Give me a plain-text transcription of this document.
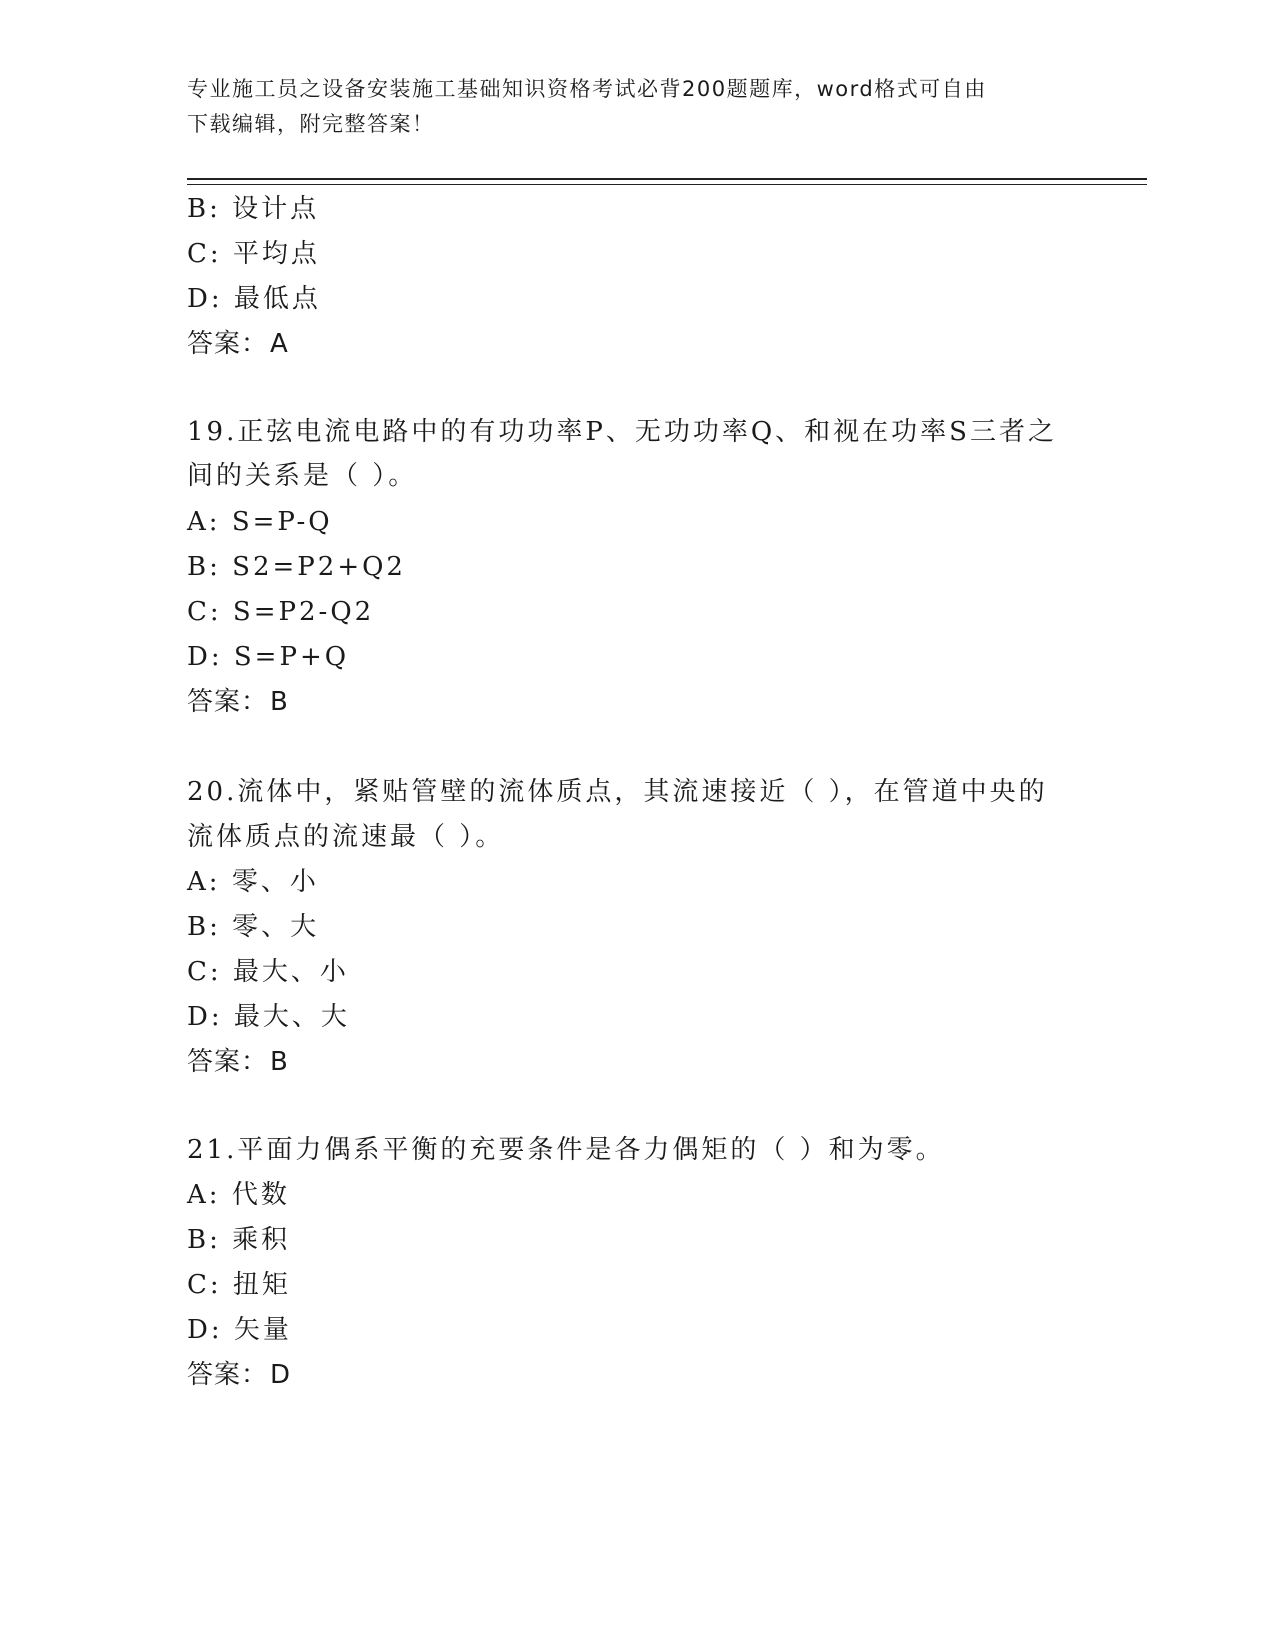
专业施工员之设备安装施工基础知识资格考试必背200题题库，word格式可自由
下载编辑，附完整答案！
B: 设计点
C: 平均点
D: 最低点
答案：A
19.正弦电流电路中的有功功率P、无功功率Q、和视在功率S三者之
间的关系是（ ）。
A: S=P-Q
B: S2=P2+Q2
C: S=P2-Q2
D: S=P+Q
答案：B
20.流体中，紧贴管壁的流体质点，其流速接近（ ），在管道中央的
流体质点的流速最（ ）。
A: 零、小
B: 零、大
C: 最大、小
D: 最大、大
答案：B
21.平面力偶系平衡的充要条件是各力偶矩的（ ）和为零。
A: 代数
B: 乘积
C: 扭矩
D: 矢量
答案：D
